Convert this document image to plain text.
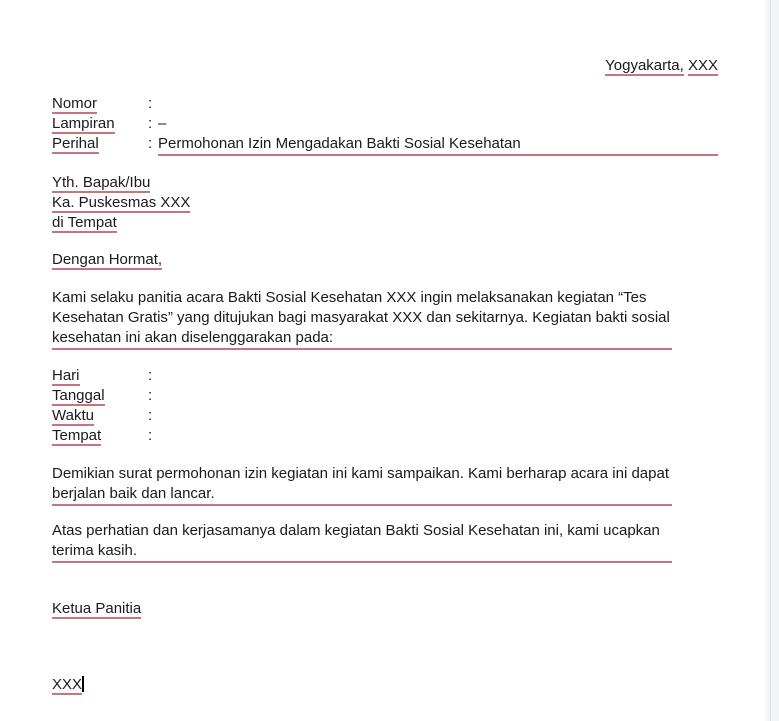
Yogyakarta, XXX
Nomor	:
Lampiran	: –
Perihal	: Permohonan Izin Mengadakan Bakti Sosial Kesehatan
Yth. Bapak/Ibu
Ka. Puskesmas XXX
di Tempat
Dengan Hormat,
Kami selaku panitia acara Bakti Sosial Kesehatan XXX ingin melaksanakan kegiatan “Tes Kesehatan Gratis” yang ditujukan bagi masyarakat XXX dan sekitarnya. Kegiatan bakti sosial kesehatan ini akan diselenggarakan pada:
Hari	:
Tanggal	:
Waktu	:
Tempat	:
Demikian surat permohonan izin kegiatan ini kami sampaikan. Kami berharap acara ini dapat berjalan baik dan lancar.
Atas perhatian dan kerjasamanya dalam kegiatan Bakti Sosial Kesehatan ini, kami ucapkan terima kasih.
Ketua Panitia
XXX
